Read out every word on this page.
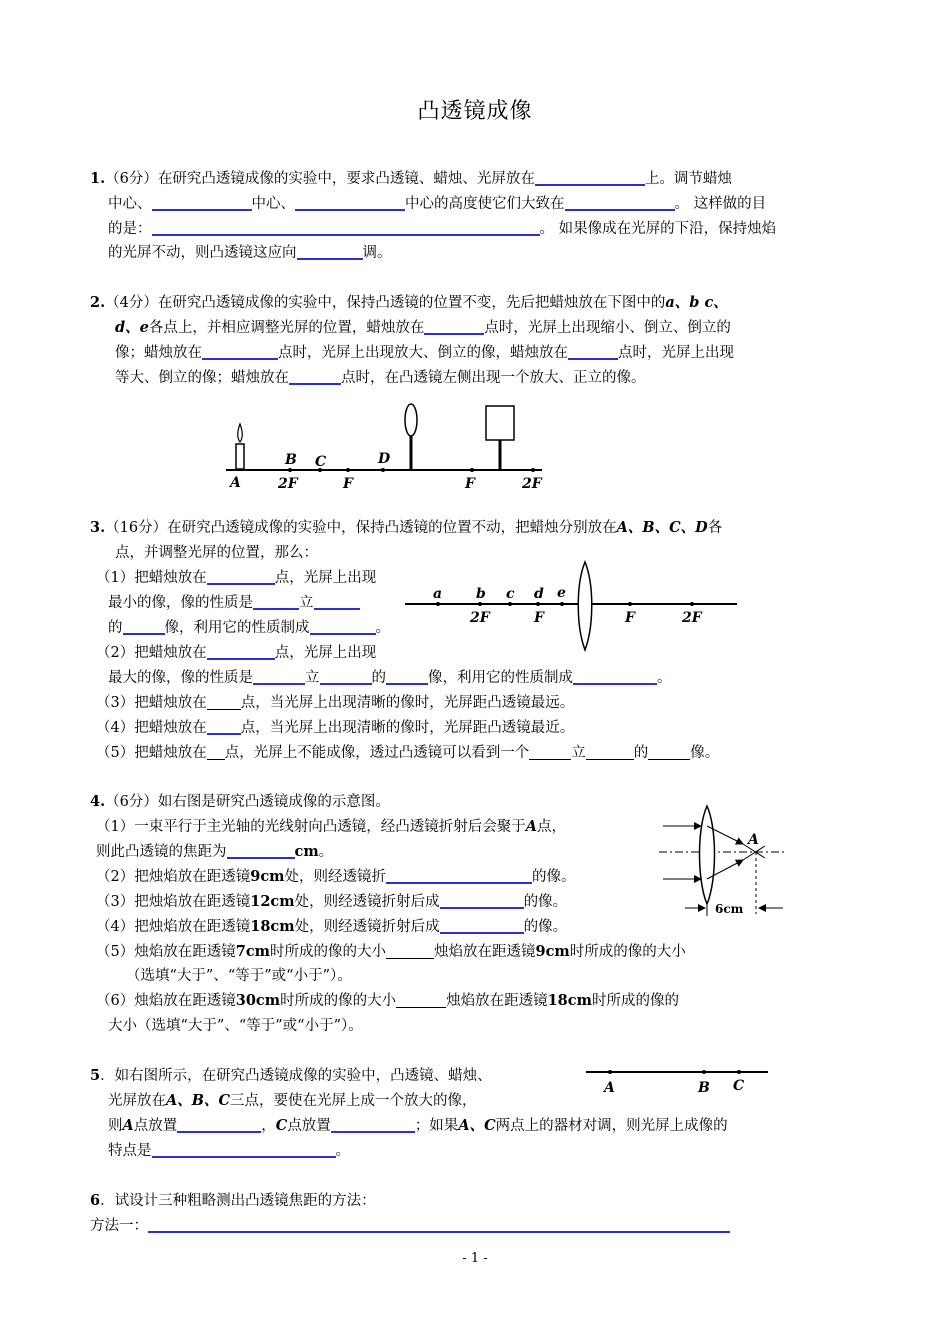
凸透镜成像
1.（6分）在研究凸透镜成像的实验中，要求凸透镜、蜡烛、光屏放在	上。调节蜡烛
中心、	中心、	中心的高度使它们大致在	。 这样做的目
的是：	。 如果像成在光屏的下沿，保持烛焰
的光屏不动，则凸透镜这应向	调。
2.（4分）在研究凸透镜成像的实验中，保持凸透镜的位置不变，先后把蜡烛放在下图中的a、b c、
d、e各点上，并相应调整光屏的位置，蜡烛放在	点时，光屏上出现缩小、倒立、倒立的
像；蜡烛放在	点时，光屏上出现放大、倒立的像，蜡烛放在	点时，光屏上出现
等大、倒立的像；蜡烛放在	点时，在凸透镜左侧出现一个放大、正立的像。
A
B C	D
2F	F	F	2F
3.（16分）在研究凸透镜成像的实验中，保持凸透镜的位置不动，把蜡烛分别放在A、B、C、D各
点，并调整光屏的位置，那么：
（1）把蜡烛放在	点，光屏上出现
最小的像，像的性质是	立
的	像，利用它的性质制成	。
（2）把蜡烛放在	点，光屏上出现
最大的像，像的性质是	立	的	像，利用它的性质制成	。
（3）把蜡烛放在 点，当光屏上出现清晰的像时，光屏距凸透镜最远。
（4）把蜡烛放在 点，当光屏上出现清晰的像时，光屏距凸透镜最近。
（5）把蜡烛放在 点，光屏上不能成像，透过凸透镜可以看到一个	立	的	像。
a b c d e
2F	F	F	2F
4.（6分）如右图是研究凸透镜成像的示意图。
（1）一束平行于主光轴的光线射向凸透镜，经凸透镜折射后会聚于A点，
则此凸透镜的焦距为	cm。
（2）把烛焰放在距透镜9cm处，则经透镜折	的像。
（3）把烛焰放在距透镜12cm处，则经透镜折射后成	的像。
（4）把烛焰放在距透镜18cm处，则经透镜折射后成	的像。
（5）烛焰放在距透镜7cm时所成的像的大小	烛焰放在距透镜9cm时所成的像的大小
（选填“大于”、“等于”或“小于”）。
（6）烛焰放在距透镜30cm时所成的像的大小	烛焰放在距透镜18cm时所成的像的
大小（选填“大于”、“等于”或“小于”）。
A
6cm
5．如右图所示，在研究凸透镜成像的实验中，凸透镜、蜡烛、
光屏放在A、B、C三点，要使在光屏上成一个放大的像，
则A点放置	，C点放置	；如果A、C两点上的器材对调，则光屏上成像的
特点是	。
A	B C
6．试设计三种粗略测出凸透镜焦距的方法：
方法一：
- 1 -
